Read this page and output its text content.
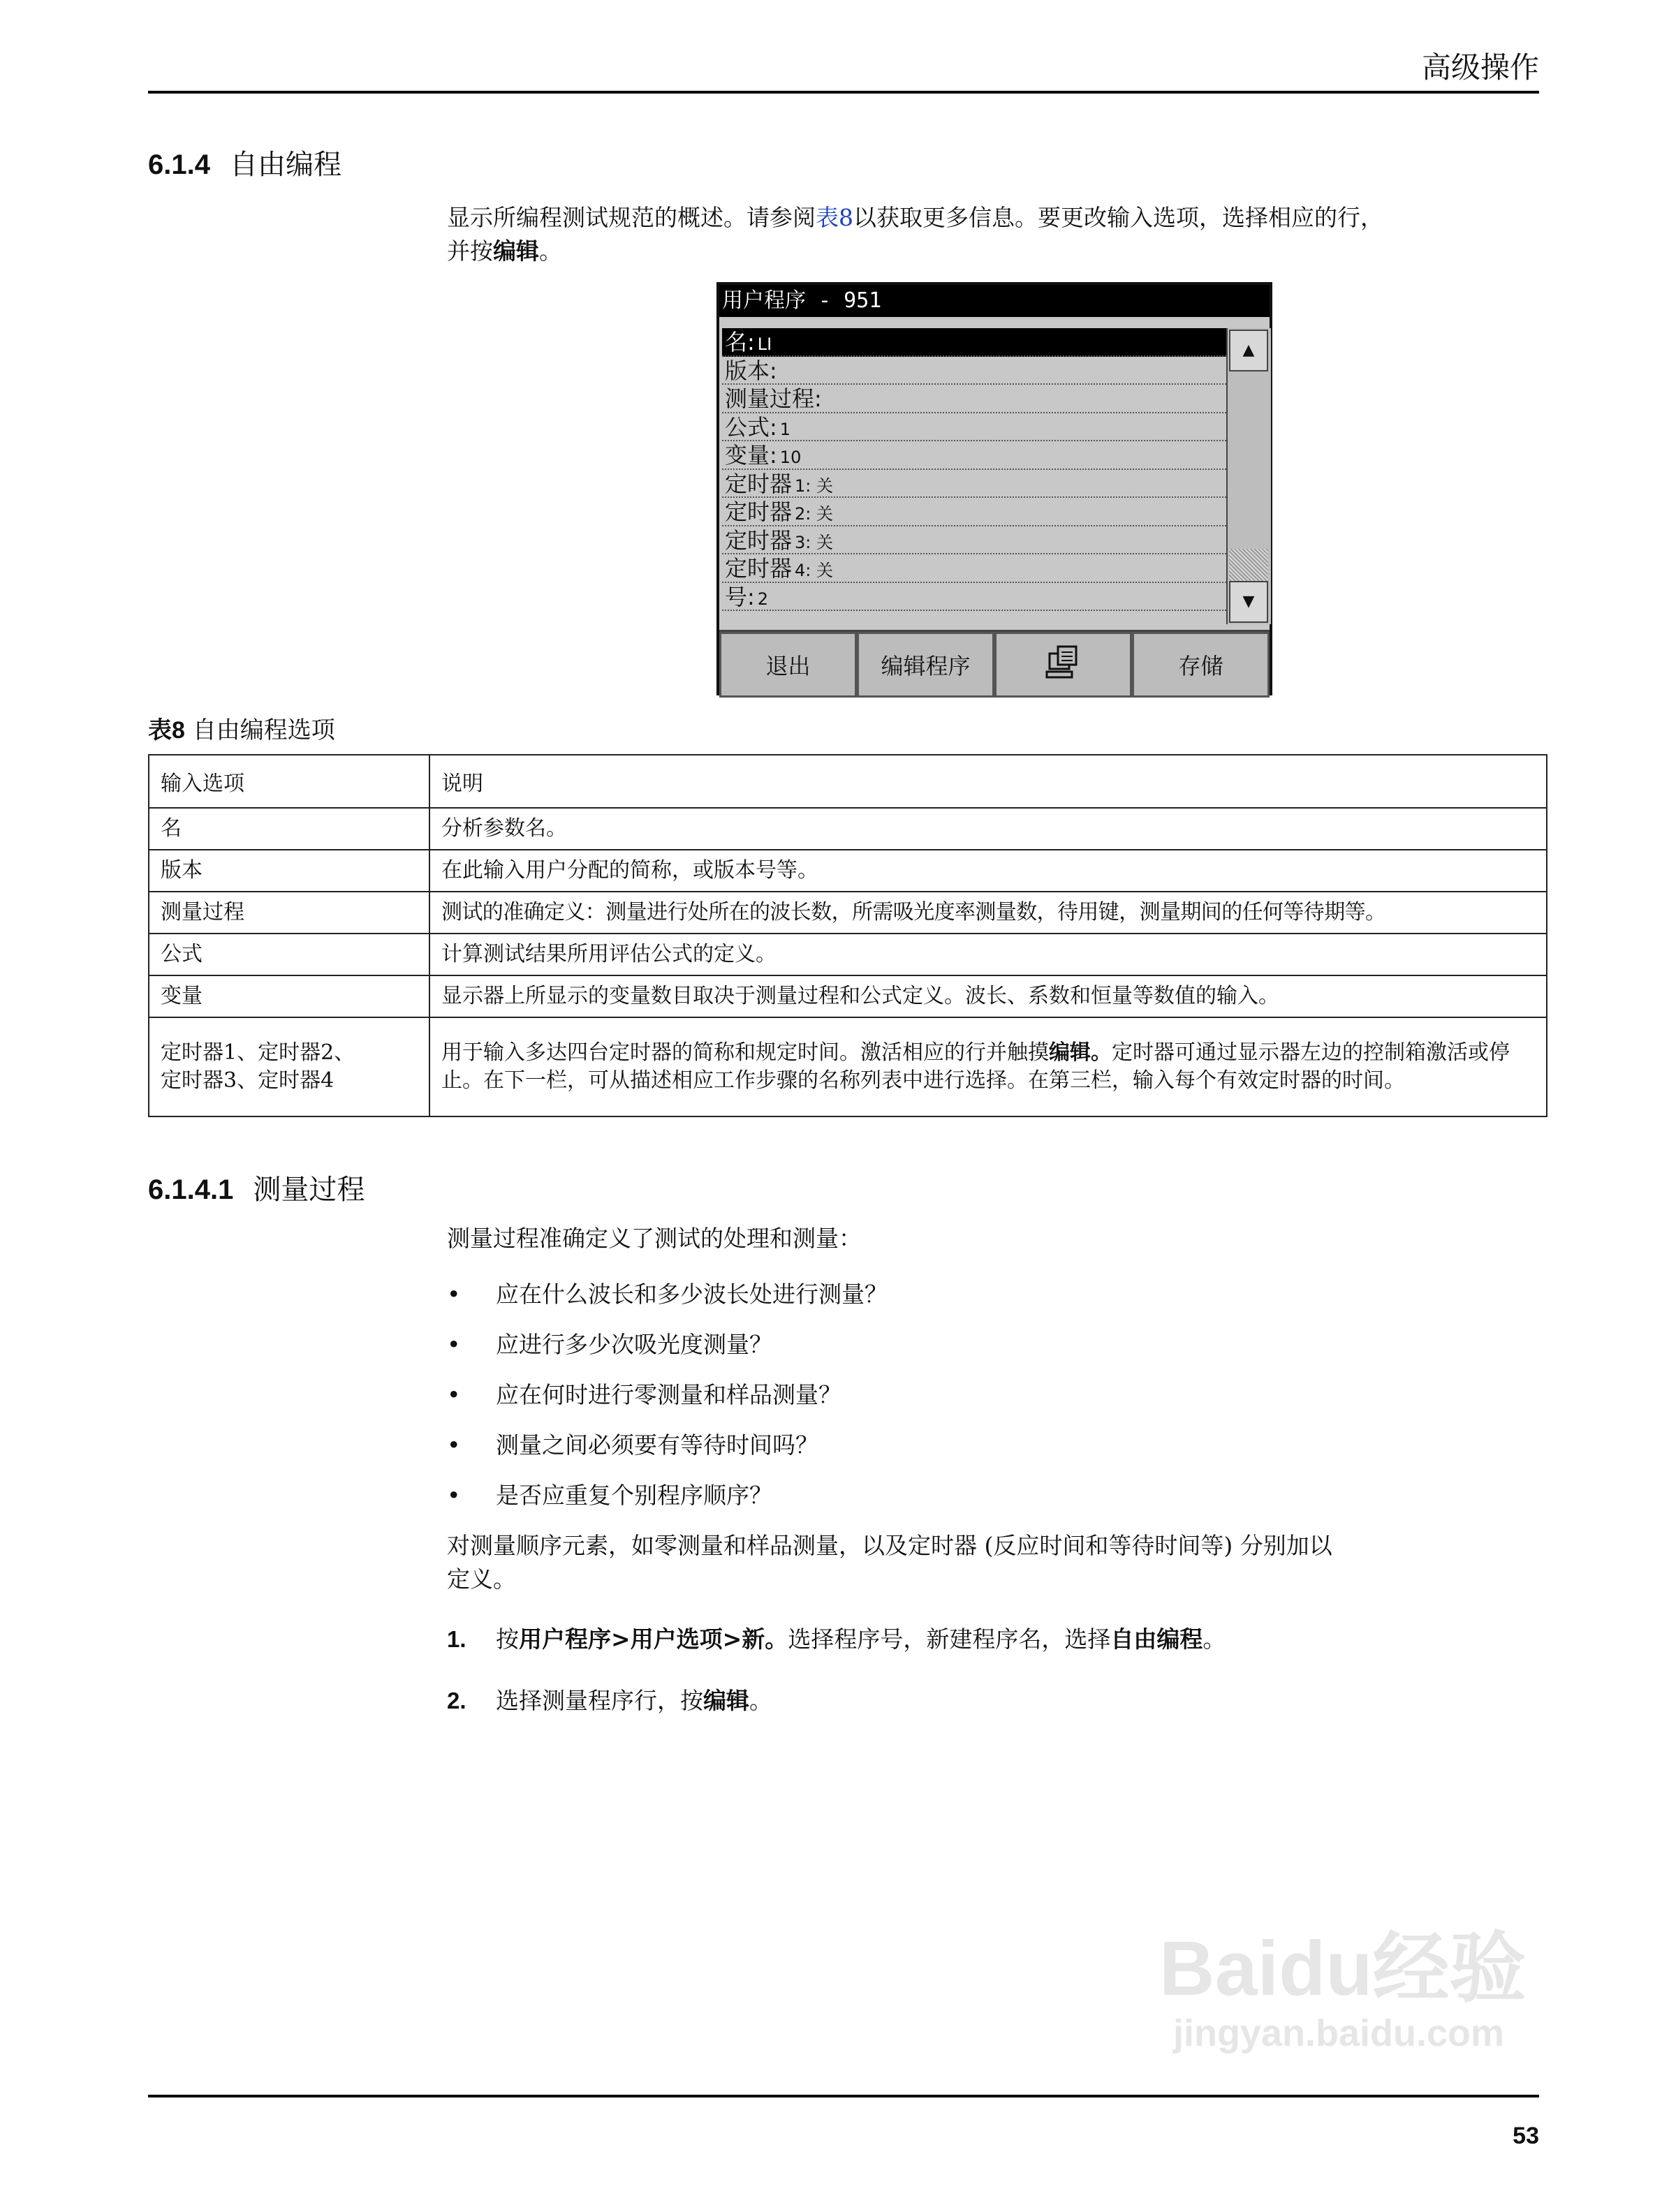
高级操作
6.1.4 自由编程
显示所编程测试规范的概述。请参阅表8以获取更多信息。要更改输入选项，选择相应的行，
并按编辑。
用户程序 - 951
名: LI
版本:
测量过程:
公式: 1
变量: 10
定时器 1: 关
定时器 2: 关
定时器 3: 关
定时器 4: 关
号: 2
▲
▼
退出	编辑程序	存储
表8 自由编程选项
输入选项	说明
名	分析参数名。
版本	在此输入用户分配的简称，或版本号等。
测量过程	测试的准确定义：测量进行处所在的波长数，所需吸光度率测量数，待用键，测量期间的任何等待期等。
公式	计算测试结果所用评估公式的定义。
变量	显示器上所显示的变量数目取决于测量过程和公式定义。波长、系数和恒量等数值的输入。

定时器1、定时器2、
定时器3、定时器4	用于输入多达四台定时器的简称和规定时间。激活相应的行并触摸编辑。定时器可通过显示器左边的控制箱激活或停止。在下一栏，可从描述相应工作步骤的名称列表中进行选择。在第三栏，输入每个有效定时器的时间。
6.1.4.1 测量过程
测量过程准确定义了测试的处理和测量：
• 应在什么波长和多少波长处进行测量？
• 应进行多少次吸光度测量？
• 应在何时进行零测量和样品测量？
• 测量之间必须要有等待时间吗？
• 是否应重复个别程序顺序？
对测量顺序元素，如零测量和样品测量，以及定时器 (反应时间和等待时间等) 分别加以
定义。
1. 按用户程序>用户选项>新。选择程序号，新建程序名，选择自由编程。
2. 选择测量程序行，按编辑。
Baidu经验
jingyan.baidu.com
53
